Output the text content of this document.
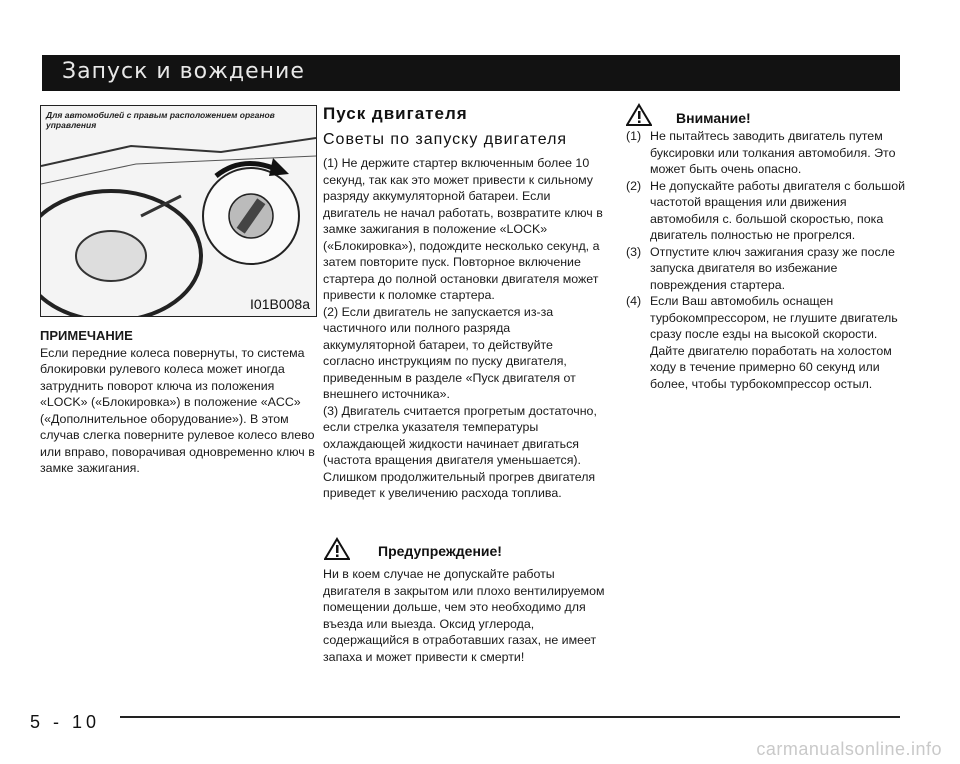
Запуск и вождение
Для автомобилей с правым расположением органов управления
I01B008a

ПРИМЕЧАНИЕ

Если передние колеса повернуты, то система блокировки рулевого колеса может иногда затруднить поворот ключа из положения «LOCK» («Блокировка») в положение «ACC» («Дополнительное оборудование»). В этом случав слегка поверните рулевое колесо влево или вправо, поворачивая одновременно ключ в замке зажигания.

Пуск двигателя
Советы по запуску двигателя

(1) Не держите стартер включенным более 10 секунд, так как это может привести к сильному разряду аккумуляторной батареи. Если двигатель не начал работать, возвратите ключ в замке зажигания в положение «LOCK» («Блокировка»), подождите несколько секунд, а затем повторите пуск. Повторное включение стартера до полной остановки двигателя может привести к поломке стартера.

(2) Если двигатель не запускается из-за частичного или полного разряда аккумуляторной батареи, то действуйте согласно инструкциям по пуску двигателя, приведенным в разделе «Пуск двигателя от внешнего источника».

(3) Двигатель считается прогретым достаточно, если стрелка указателя температуры охлаждающей жидкости начинает двигаться (частота вращения двигателя уменьшается). Слишком продолжительный прогрев двигателя приведет к увеличению расхода топлива.

Предупреждение!

Ни в коем случае не допускайте работы двигателя в закрытом или плохо вентилируемом помещении дольше, чем это необходимо для въезда или выезда. Оксид углерода, содержащийся в отработавших газах, не имеет запаха и может привести к смерти!

Внимание!
(1) Не пытайтесь заводить двигатель путем буксировки или толкания автомобиля. Это может быть очень опасно.
(2) Не допускайте работы двигателя с большой частотой вращения или движения автомобиля с. большой скоростью, пока двигатель полностью не прогрелся.
(3) Отпустите ключ зажигания сразу же после запуска двигателя во избежание повреждения стартера.
(4) Если Ваш автомобиль оснащен турбокомпрессором, не глушите двигатель сразу после езды на высокой скорости. Дайте двигателю поработать на холостом ходу в течение примерно 60 секунд или более, чтобы турбокомпрессор остыл.
5 - 10
carmanualsonline.info
